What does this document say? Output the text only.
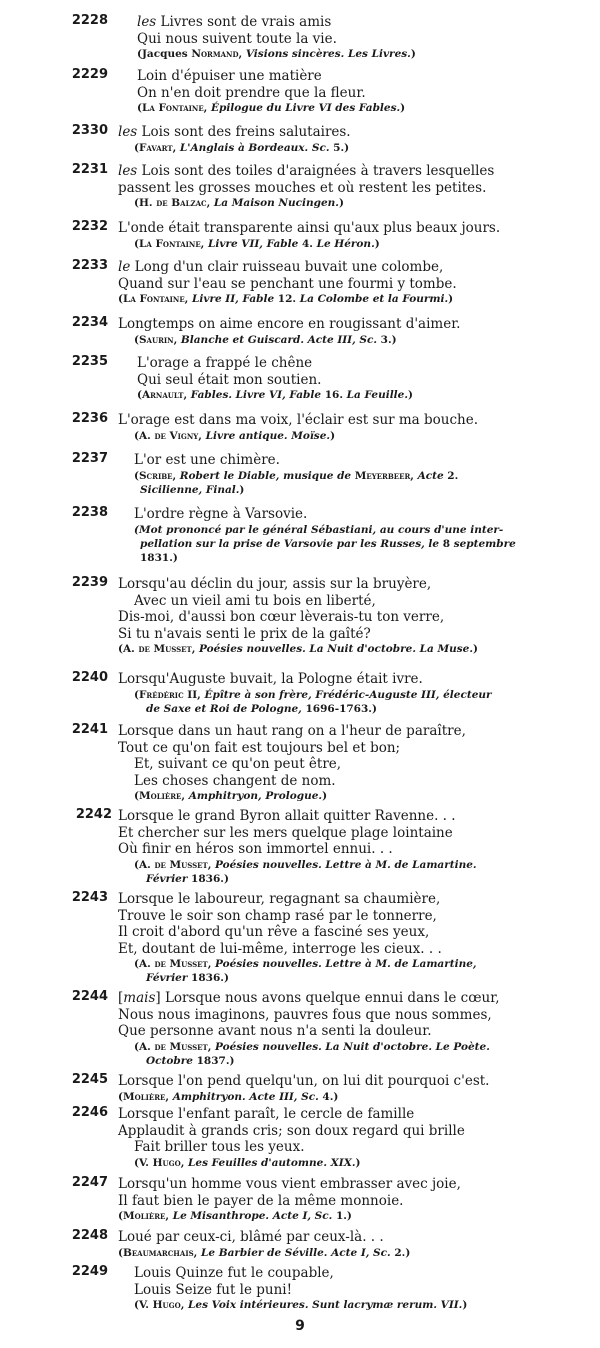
2228 les Livres sont de vrais amis
Qui nous suivent toute la vie.
(Jacques Normand, Visions sincères. Les Livres.)
2229 Loin d'épuiser une matière
On n'en doit prendre que la fleur.
(La Fontaine, Épilogue du Livre VI des Fables.)
2330 les Lois sont des freins salutaires.
(Favart, L'Anglais à Bordeaux. Sc. 5.)
2231 les Lois sont des toiles d'araignées à travers lesquelles
passent les grosses mouches et où restent les petites.
(H. de Balzac, La Maison Nucingen.)
2232 L'onde était transparente ainsi qu'aux plus beaux jours.
(La Fontaine, Livre VII, Fable 4. Le Héron.)
2233 le Long d'un clair ruisseau buvait une colombe,
Quand sur l'eau se penchant une fourmi y tombe.
(La Fontaine, Livre II, Fable 12. La Colombe et la Fourmi.)
2234 Longtemps on aime encore en rougissant d'aimer.
(Saurin, Blanche et Guiscard. Acte III, Sc. 3.)
2235 L'orage a frappé le chêne
Qui seul était mon soutien.
(Arnault, Fables. Livre VI, Fable 16. La Feuille.)
2236 L'orage est dans ma voix, l'éclair est sur ma bouche.
(A. de Vigny, Livre antique. Moïse.)
2237 L'or est une chimère.
(Scribe, Robert le Diable, musique de Meyerbeer, Acte 2.
Sicilienne, Final.)
2238 L'ordre règne à Varsovie.
(Mot prononcé par le général Sébastiani, au cours d'une inter-
pellation sur la prise de Varsovie par les Russes, le 8 septembre
1831.)
2239 Lorsqu'au déclin du jour, assis sur la bruyère,
Avec un vieil ami tu bois en liberté,
Dis-moi, d'aussi bon cœur lèverais-tu ton verre,
Si tu n'avais senti le prix de la gaîté?
(A. de Musset, Poésies nouvelles. La Nuit d'octobre. La Muse.)
2240 Lorsqu'Auguste buvait, la Pologne était ivre.
(Frédéric II, Épître à son frère, Frédéric-Auguste III, électeur
de Saxe et Roi de Pologne, 1696-1763.)
2241 Lorsque dans un haut rang on a l'heur de paraître,
Tout ce qu'on fait est toujours bel et bon;
Et, suivant ce qu'on peut être,
Les choses changent de nom.
(Molière, Amphitryon, Prologue.)
2242 Lorsque le grand Byron allait quitter Ravenne. . .
Et chercher sur les mers quelque plage lointaine
Où finir en héros son immortel ennui. . .
(A. de Musset, Poésies nouvelles. Lettre à M. de Lamartine.
Février 1836.)
2243 Lorsque le laboureur, regagnant sa chaumière,
Trouve le soir son champ rasé par le tonnerre,
Il croit d'abord qu'un rêve a fasciné ses yeux,
Et, doutant de lui-même, interroge les cieux. . .
(A. de Musset, Poésies nouvelles. Lettre à M. de Lamartine,
Février 1836.)
2244 [mais] Lorsque nous avons quelque ennui dans le cœur,
Nous nous imaginons, pauvres fous que nous sommes,
Que personne avant nous n'a senti la douleur.
(A. de Musset, Poésies nouvelles. La Nuit d'octobre. Le Poète.
Octobre 1837.)
2245 Lorsque l'on pend quelqu'un, on lui dit pourquoi c'est.
(Molière, Amphitryon. Acte III, Sc. 4.)
2246 Lorsque l'enfant paraît, le cercle de famille
Applaudit à grands cris; son doux regard qui brille
Fait briller tous les yeux.
(V. Hugo, Les Feuilles d'automne. XIX.)
2247 Lorsqu'un homme vous vient embrasser avec joie,
Il faut bien le payer de la même monnoie.
(Molière, Le Misanthrope. Acte I, Sc. 1.)
2248 Loué par ceux-ci, blâmé par ceux-là. . .
(Beaumarchais, Le Barbier de Séville. Acte I, Sc. 2.)
2249 Louis Quinze fut le coupable,
Louis Seize fut le puni!
(V. Hugo, Les Voix intérieures. Sunt lacrymæ rerum. VII.)
9
